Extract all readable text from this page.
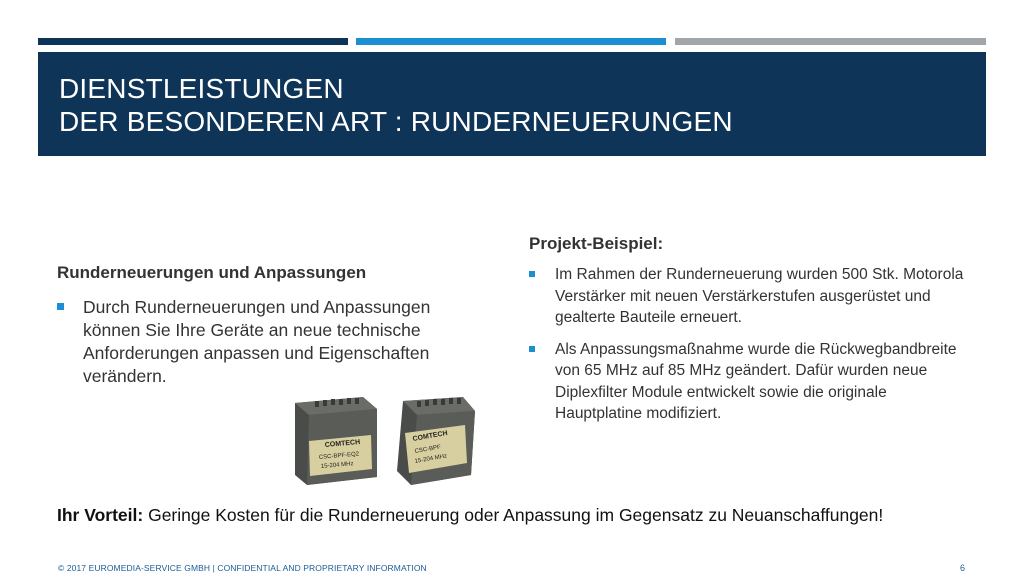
DIENSTLEISTUNGEN
DER BESONDEREN ART : RUNDERNEUERUNGEN
Runderneuerungen und Anpassungen
Durch Runderneuerungen und Anpassungen können Sie Ihre Geräte an neue technische Anforderungen anpassen und Eigenschaften verändern.
Projekt-Beispiel:
Im Rahmen der Runderneuerung wurden 500 Stk. Motorola Verstärker mit neuen Verstärkerstufen ausgerüstet und gealterte Bauteile erneuert.
Als Anpassungsmaßnahme wurde die Rückwegbandbreite von 65 MHz auf 85 MHz geändert. Dafür wurden neue Diplexfilter Module entwickelt sowie die originale Hauptplatine modifiziert.
COMTECH
CSC-BPF-EQ2
15-204 MHz
COMTECH
CSC-BPF
15-204 MHz
Ihr Vorteil: Geringe Kosten für die Runderneuerung oder Anpassung im Gegensatz zu Neuanschaffungen!
© 2017 EUROMEDIA-SERVICE GMBH | CONFIDENTIAL AND PROPRIETARY INFORMATION	6
